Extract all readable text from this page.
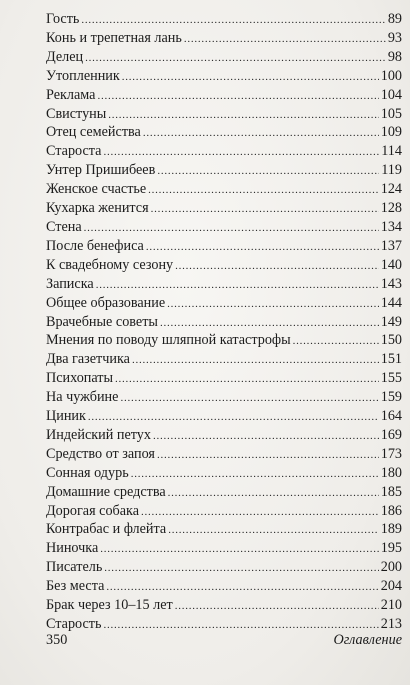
Гость . . .	89
Конь и трепетная лань . . .	93
Делец . . .	98
Утопленник . . .	100
Реклама . . .	104
Свистуны . . .	105
Отец семейства . . .	109
Староста . . .	114
Унтер Пришибеев . . .	119
Женское счастье . . .	124
Кухарка женится . . .	128
Стена . . .	134
После бенефиса . . .	137
К свадебному сезону . . .	140
Записка . . .	143
Общее образование . . .	144
Врачебные советы . . .	149
Мнения по поводу шляпной катастрофы . . .	150
Два газетчика . . .	151
Психопаты . . .	155
На чужбине . . .	159
Циник . . .	164
Индейский петух . . .	169
Средство от запоя . . .	173
Сонная одурь . . .	180
Домашние средства . . .	185
Дорогая собака . . .	186
Контрабас и флейта . . .	189
Ниночка . . .	195
Писатель . . .	200
Без места . . .	204
Брак через 10–15 лет . . .	210
Старость . . .	213
350	Оглавление
